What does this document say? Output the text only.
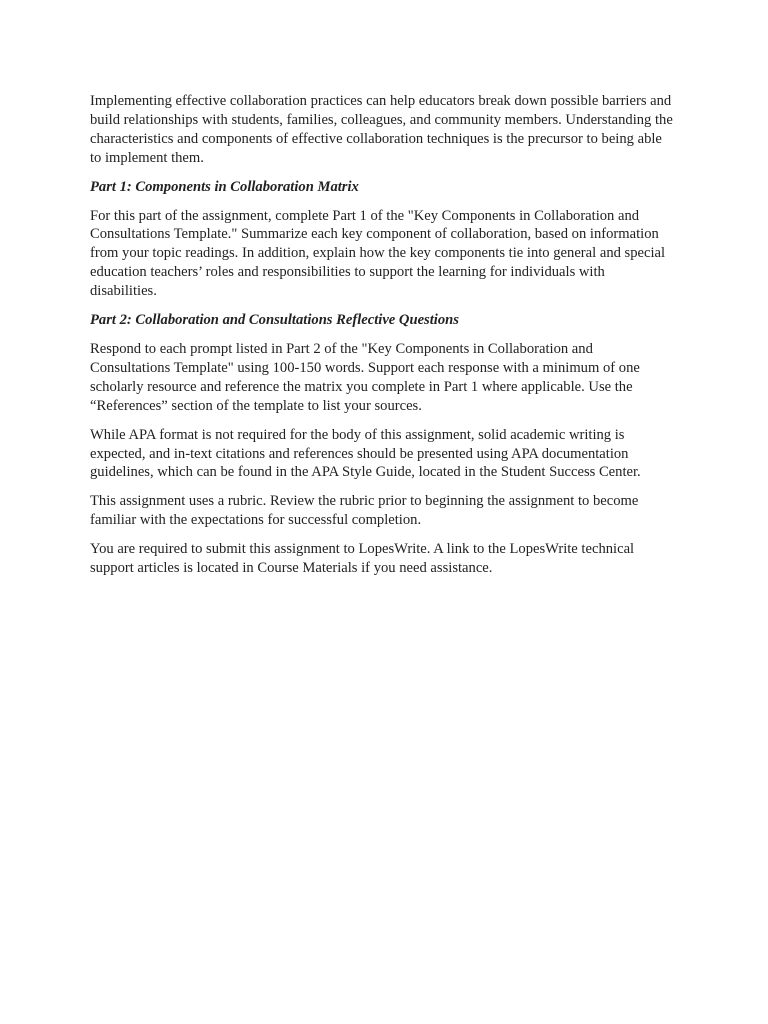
Implementing effective collaboration practices can help educators break down possible barriers and build relationships with students, families, colleagues, and community members. Understanding the characteristics and components of effective collaboration techniques is the precursor to being able to implement them.

Part 1: Components in Collaboration Matrix

For this part of the assignment, complete Part 1 of the "Key Components in Collaboration and Consultations Template." Summarize each key component of collaboration, based on information from your topic readings. In addition, explain how the key components tie into general and special education teachers’ roles and responsibilities to support the learning for individuals with disabilities.

Part 2: Collaboration and Consultations Reflective Questions

Respond to each prompt listed in Part 2 of the "Key Components in Collaboration and Consultations Template" using 100-150 words. Support each response with a minimum of one scholarly resource and reference the matrix you complete in Part 1 where applicable. Use the “References” section of the template to list your sources.

While APA format is not required for the body of this assignment, solid academic writing is expected, and in-text citations and references should be presented using APA documentation guidelines, which can be found in the APA Style Guide, located in the Student Success Center.

This assignment uses a rubric. Review the rubric prior to beginning the assignment to become familiar with the expectations for successful completion.

You are required to submit this assignment to LopesWrite. A link to the LopesWrite technical support articles is located in Course Materials if you need assistance.
